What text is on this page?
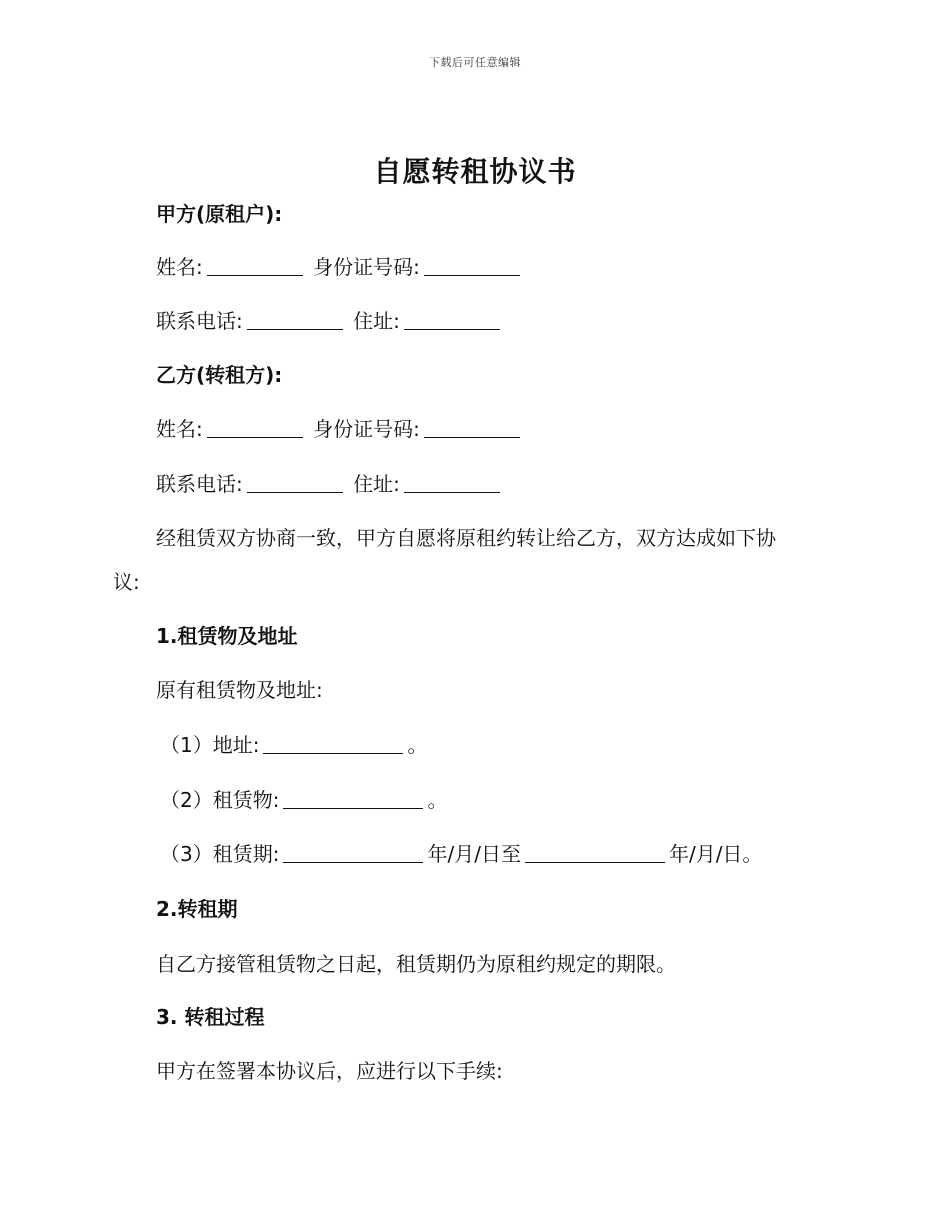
下载后可任意编辑
自愿转租协议书
甲方(原租户):
姓名:	身份证号码:
联系电话:	住址:
乙方(转租方):
姓名:	身份证号码:
联系电话:	住址:
经租赁双方协商一致，甲方自愿将原租约转让给乙方，双方达成如下协
议:
1.租赁物及地址
原有租赁物及地址:
（1）地址:	。
（2）租赁物:	。
（3）租赁期:	年/月/日至	年/月/日。
2.转租期
自乙方接管租赁物之日起，租赁期仍为原租约规定的期限。
3. 转租过程
甲方在签署本协议后，应进行以下手续:
